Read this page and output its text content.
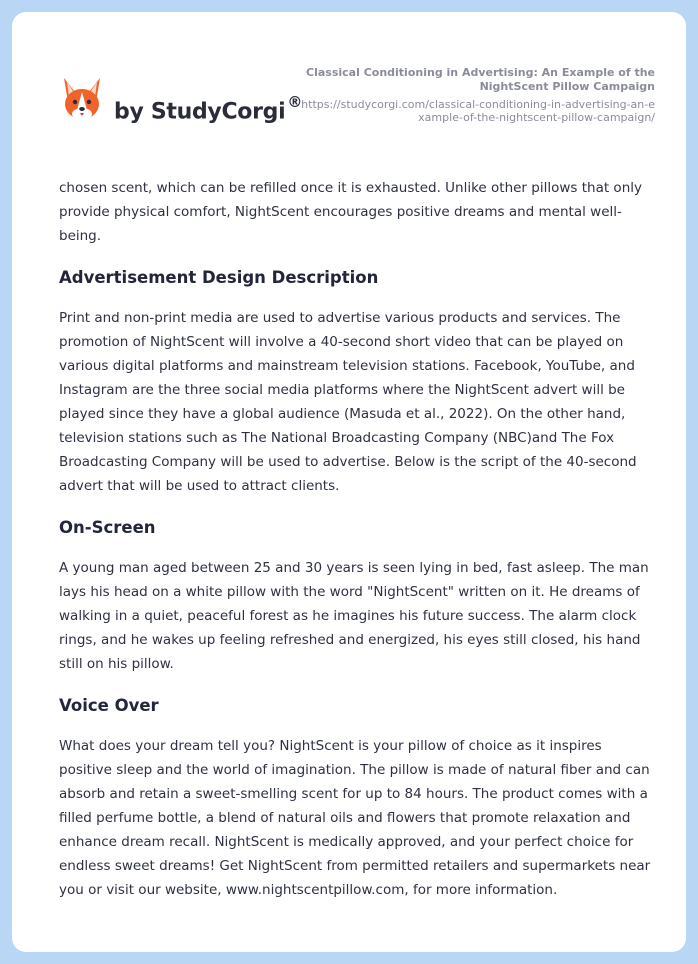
by StudyCorgi ®
Classical Conditioning in Advertising: An Example of the NightScent Pillow Campaign
https://studycorgi.com/classical-conditioning-in-advertising-an-example-of-the-nightscent-pillow-campaign/

chosen scent, which can be refilled once it is exhausted. Unlike other pillows that only provide physical comfort, NightScent encourages positive dreams and mental well-being.

Advertisement Design Description

Print and non-print media are used to advertise various products and services. The promotion of NightScent will involve a 40-second short video that can be played on various digital platforms and mainstream television stations. Facebook, YouTube, and Instagram are the three social media platforms where the NightScent advert will be played since they have a global audience (Masuda et al., 2022). On the other hand, television stations such as The National Broadcasting Company (NBC)and The Fox Broadcasting Company will be used to advertise. Below is the script of the 40-second advert that will be used to attract clients.

On-Screen

A young man aged between 25 and 30 years is seen lying in bed, fast asleep. The man lays his head on a white pillow with the word "NightScent" written on it. He dreams of walking in a quiet, peaceful forest as he imagines his future success. The alarm clock rings, and he wakes up feeling refreshed and energized, his eyes still closed, his hand still on his pillow.

Voice Over

What does your dream tell you? NightScent is your pillow of choice as it inspires positive sleep and the world of imagination. The pillow is made of natural fiber and can absorb and retain a sweet-smelling scent for up to 84 hours. The product comes with a filled perfume bottle, a blend of natural oils and flowers that promote relaxation and enhance dream recall. NightScent is medically approved, and your perfect choice for endless sweet dreams! Get NightScent from permitted retailers and supermarkets near you or visit our website, www.nightscentpillow.com, for more information.
